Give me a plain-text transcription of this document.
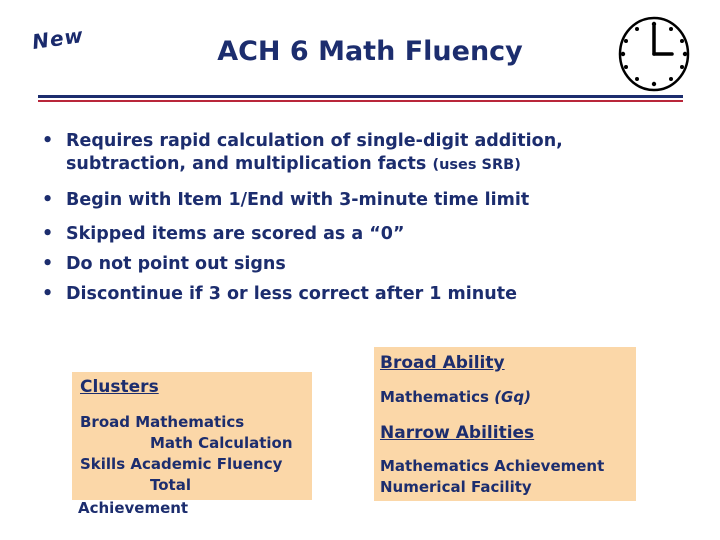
New	ACH 6 Math Fluency
• Requires rapid calculation of single-digit addition, subtraction, and multiplication facts (uses SRB)
• Begin with Item 1/End with 3-minute time limit
• Skipped items are scored as a “0”
• Do not point out signs
• Discontinue if 3 or less correct after 1 minute
Clusters
Broad Mathematics
Math Calculation
Skills Academic Fluency
Total
Achievement
Broad Ability
Mathematics (Gq)
Narrow Abilities
Mathematics Achievement
Numerical Facility
